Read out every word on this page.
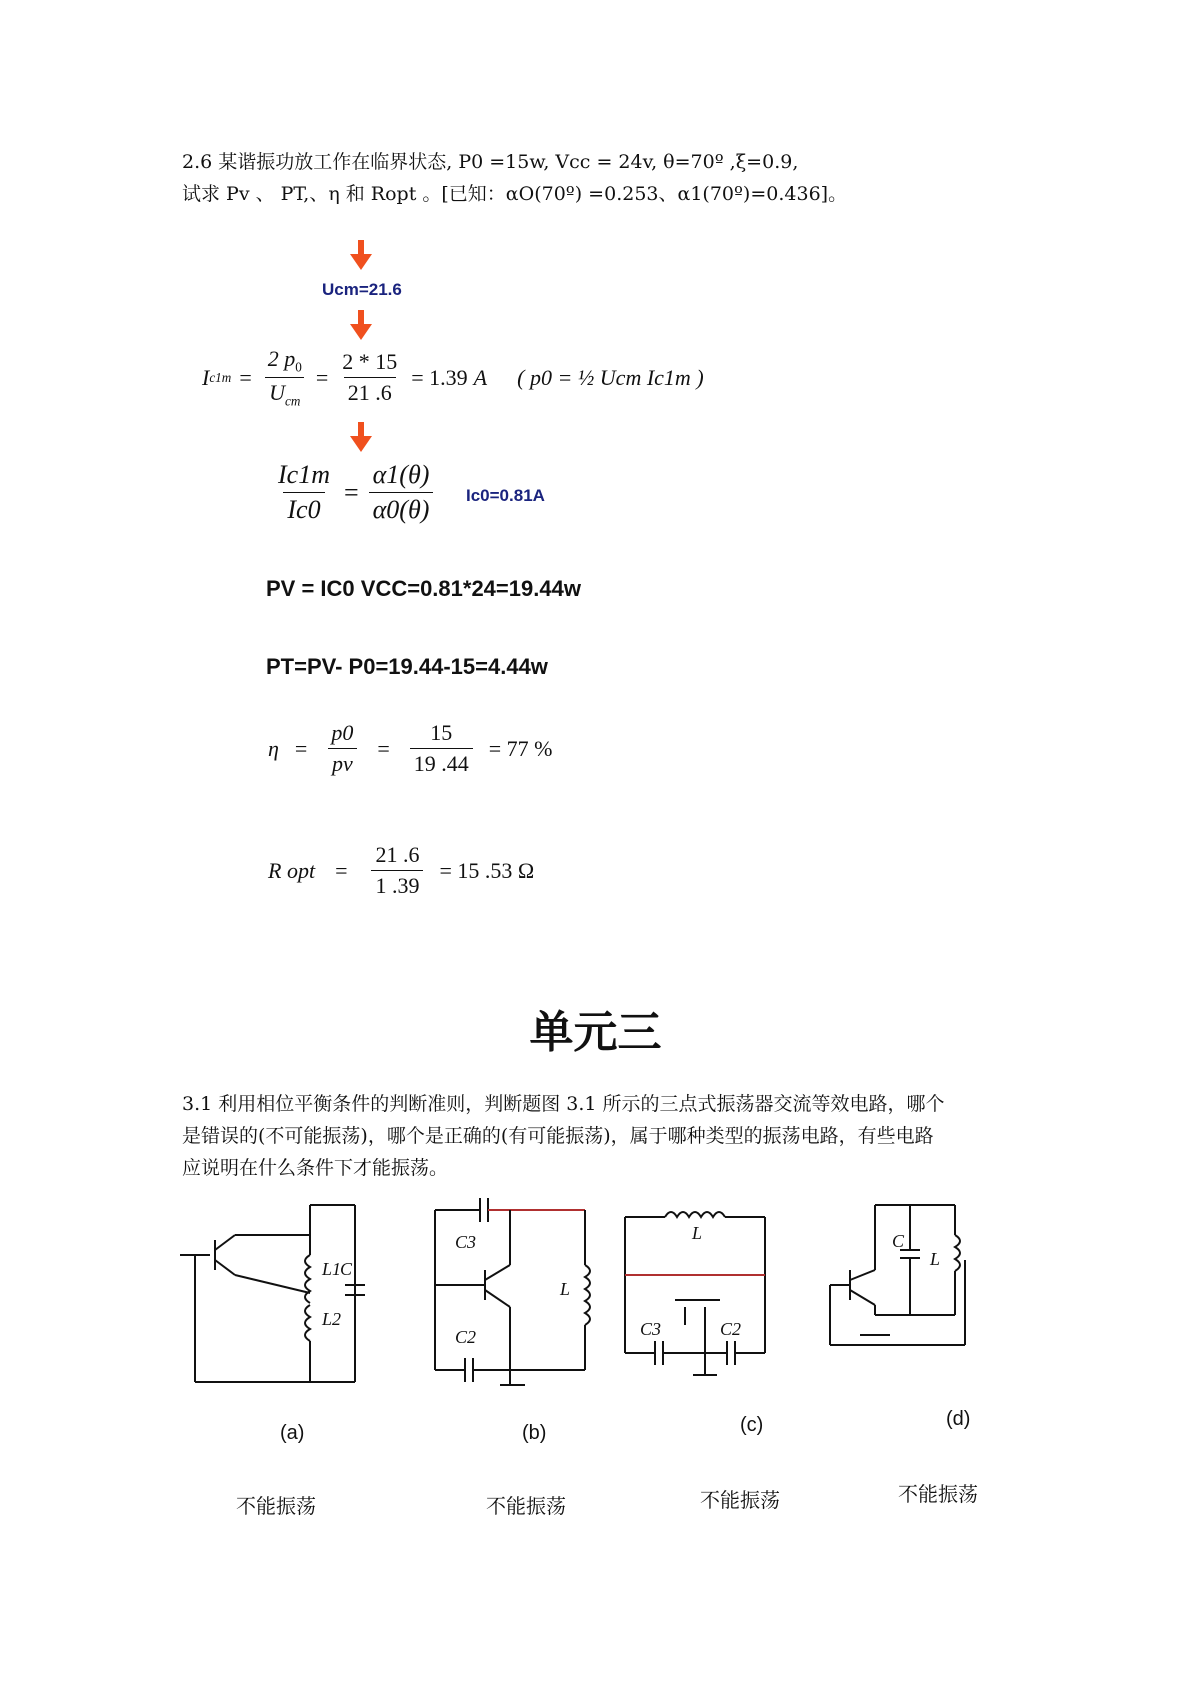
2.6 某谐振功放工作在临界状态, P0 =15w, Vcc = 24v, θ=70º ,ξ=0.9,
试求 Pv 、 PT,、η 和 Ropt 。[已知：αO(70º) =0.253、α1(70º)=0.436]。
Ucm=21.6
I $c1m = \frac{2 p_0}{U_{cm}} = \frac{2 * 15}{21 .6} = 1.39$ A ( p0 = ½ Ucm Ic1m )
$\frac{Ic1m}{Ic0} = \frac{\alpha 1(\theta)}{\alpha 0(\theta)} Ic0=0.81A$
PV = IC0 VCC=0.81*24=19.44w
PT=PV- P0=19.44-15=4.44w
$\eta = \frac{p0}{pv} = \frac{15}{19 .44} = 77$ %
R opt = $\frac{21 .6}{1 .39} = 15$ .53 Ω
单元三
3.1 利用相位平衡条件的判断准则，判断题图 3.1 所示的三点式振荡器交流等效电路，哪个
是错误的(不可能振荡)，哪个是正确的(有可能振荡)，属于哪种类型的振荡电路，有些电路
应说明在什么条件下才能振荡。
L1
C
L2
C3
C2
L
L
C3	C2
C
L
(a)	(b)	(c)	(d)
不能振荡	不能振荡	不能振荡	不能振荡
